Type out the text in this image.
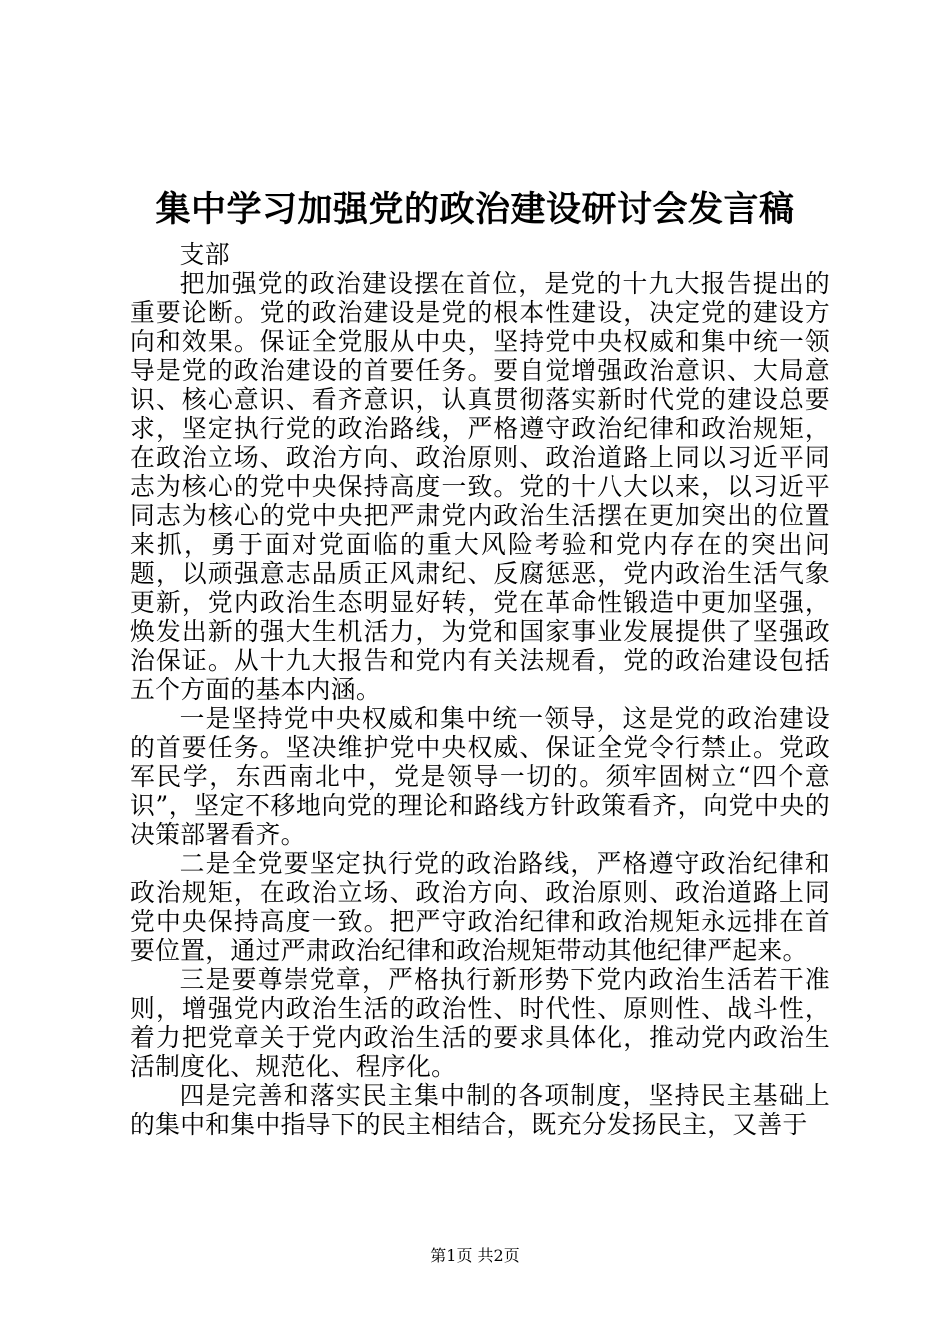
集中学习加强党的政治建设研讨会发言稿

支部

把加强党的政治建设摆在首位，是党的十九大报告提出的重要论断。党的政治建设是党的根本性建设，决定党的建设方向和效果。保证全党服从中央，坚持党中央权威和集中统一领导是党的政治建设的首要任务。要自觉增强政治意识、大局意识、核心意识、看齐意识，认真贯彻落实新时代党的建设总要求，坚定执行党的政治路线，严格遵守政治纪律和政治规矩，在政治立场、政治方向、政治原则、政治道路上同以习近平同志为核心的党中央保持高度一致。党的十八大以来，以习近平同志为核心的党中央把严肃党内政治生活摆在更加突出的位置来抓，勇于面对党面临的重大风险考验和党内存在的突出问题，以顽强意志品质正风肃纪、反腐惩恶，党内政治生活气象更新，党内政治生态明显好转，党在革命性锻造中更加坚强，焕发出新的强大生机活力，为党和国家事业发展提供了坚强政治保证。从十九大报告和党内有关法规看，党的政治建设包括五个方面的基本内涵。

一是坚持党中央权威和集中统一领导，这是党的政治建设的首要任务。坚决维护党中央权威、保证全党令行禁止。党政军民学，东西南北中，党是领导一切的。须牢固树立“四个意识”，坚定不移地向党的理论和路线方针政策看齐，向党中央的决策部署看齐。

二是全党要坚定执行党的政治路线，严格遵守政治纪律和政治规矩，在政治立场、政治方向、政治原则、政治道路上同党中央保持高度一致。把严守政治纪律和政治规矩永远排在首要位置，通过严肃政治纪律和政治规矩带动其他纪律严起来。

三是要尊崇党章，严格执行新形势下党内政治生活若干准则，增强党内政治生活的政治性、时代性、原则性、战斗性，着力把党章关于党内政治生活的要求具体化，推动党内政治生活制度化、规范化、程序化。

四是完善和落实民主集中制的各项制度，坚持民主基础上的集中和集中指导下的民主相结合，既充分发扬民主，又善于

第1页 共2页
